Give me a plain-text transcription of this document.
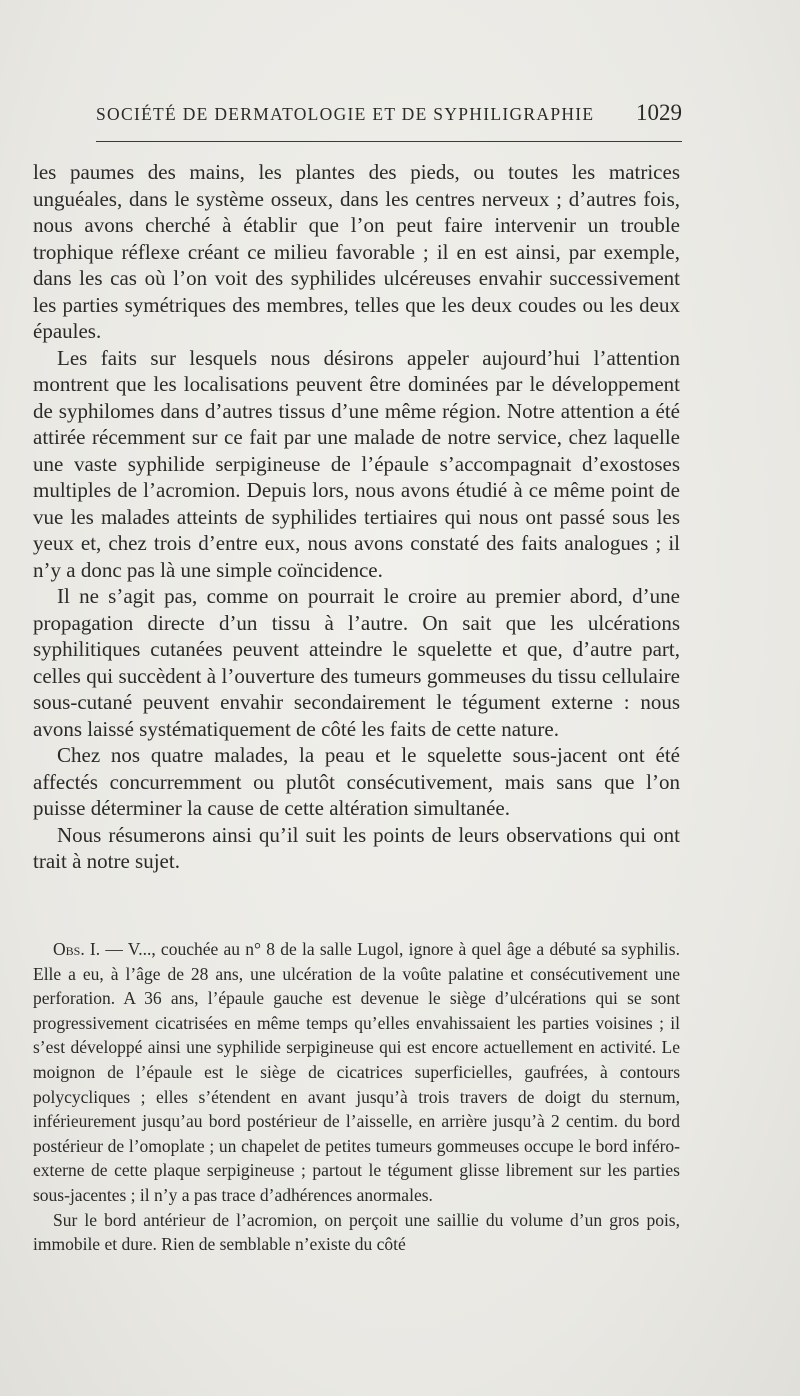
SOCIÉTÉ DE DERMATOLOGIE ET DE SYPHILIGRAPHIE 1029

les paumes des mains, les plantes des pieds, ou toutes les matrices unguéales, dans le système osseux, dans les centres nerveux ; d’autres fois, nous avons cherché à établir que l’on peut faire intervenir un trouble trophique réflexe créant ce milieu favorable ; il en est ainsi, par exemple, dans les cas où l’on voit des syphilides ulcéreuses envahir successivement les parties symétriques des membres, telles que les deux coudes ou les deux épaules.

Les faits sur lesquels nous désirons appeler aujourd’hui l’attention montrent que les localisations peuvent être dominées par le développement de syphilomes dans d’autres tissus d’une même région. Notre attention a été attirée récemment sur ce fait par une malade de notre service, chez laquelle une vaste syphilide serpigineuse de l’épaule s’accompagnait d’exostoses multiples de l’acromion. Depuis lors, nous avons étudié à ce même point de vue les malades atteints de syphilides tertiaires qui nous ont passé sous les yeux et, chez trois d’entre eux, nous avons constaté des faits analogues ; il n’y a donc pas là une simple coïncidence.

Il ne s’agit pas, comme on pourrait le croire au premier abord, d’une propagation directe d’un tissu à l’autre. On sait que les ulcérations syphilitiques cutanées peuvent atteindre le squelette et que, d’autre part, celles qui succèdent à l’ouverture des tumeurs gommeuses du tissu cellulaire sous-cutané peuvent envahir secondairement le tégument externe : nous avons laissé systématiquement de côté les faits de cette nature.

Chez nos quatre malades, la peau et le squelette sous-jacent ont été affectés concurremment ou plutôt consécutivement, mais sans que l’on puisse déterminer la cause de cette altération simultanée.

Nous résumerons ainsi qu’il suit les points de leurs observations qui ont trait à notre sujet.

Obs. I. — V..., couchée au n° 8 de la salle Lugol, ignore à quel âge a débuté sa syphilis. Elle a eu, à l’âge de 28 ans, une ulcération de la voûte palatine et consécutivement une perforation. A 36 ans, l’épaule gauche est devenue le siège d’ulcérations qui se sont progressivement cicatrisées en même temps qu’elles envahissaient les parties voisines ; il s’est développé ainsi une syphilide serpigineuse qui est encore actuellement en activité. Le moignon de l’épaule est le siège de cicatrices superficielles, gaufrées, à contours polycycliques ; elles s’étendent en avant jusqu’à trois travers de doigt du sternum, inférieurement jusqu’au bord postérieur de l’aisselle, en arrière jusqu’à 2 centim. du bord postérieur de l’omoplate ; un chapelet de petites tumeurs gommeuses occupe le bord inféro-externe de cette plaque serpigineuse ; partout le tégument glisse librement sur les parties sous-jacentes ; il n’y a pas trace d’adhérences anormales.

Sur le bord antérieur de l’acromion, on perçoit une saillie du volume d’un gros pois, immobile et dure. Rien de semblable n’existe du côté
